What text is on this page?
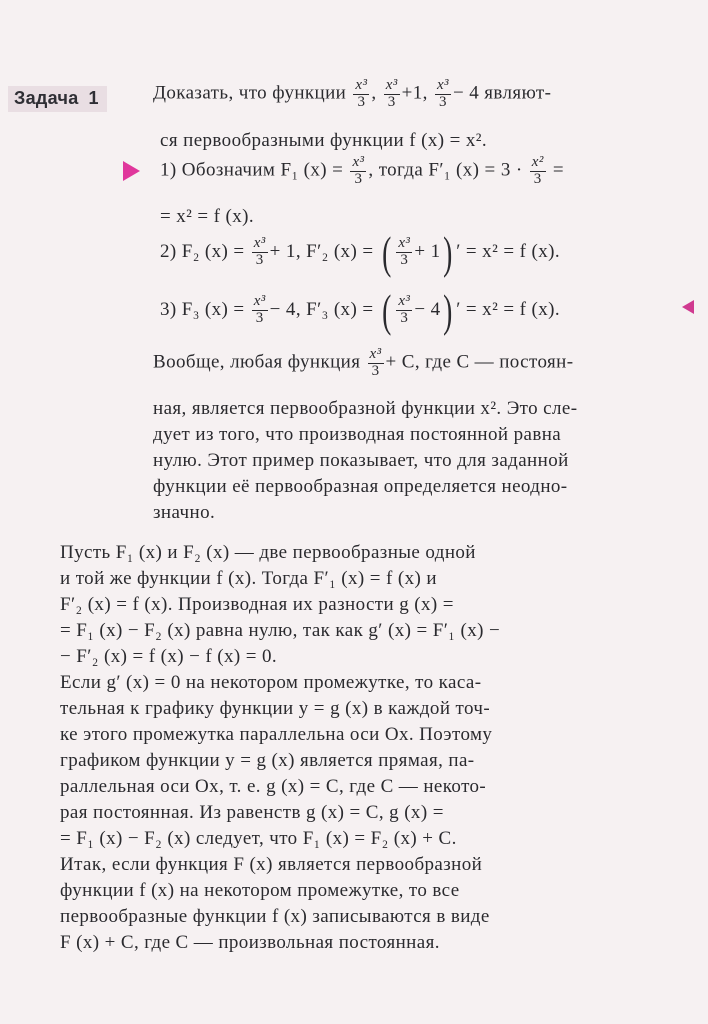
Задача 1	Доказать, что функции $\frac{\text{x³}}{3}$ , $\frac{\text{x³}}{3} +1$, $\frac{\text{x³}}{3} - 4$ являют-
ся первообразными функции f (x) = x².
1) Обозначим F₁ $(x) = \frac{\text{x³}}{3}$ , тогда F′₁ $(x) = 3 \cdot \frac{\text{x²}}{3}$ =
= x² = f (x).
2) F₂ $(x) = \frac{\text{x³}}{3} + 1$, F′₂ (x) = ( $\frac{\text{x³}}{3} + 1$) ′ = x² = f (x).
3) F₃ $(x) = \frac{\text{x³}}{3} - 4$, F′₃ (x) = ( $\frac{\text{x³}}{3} - 4$) ′ = x² = f (x).
Вообще, любая функция $\frac{\text{x³}}{3} + C$, где C — постоян-
ная, является первообразной функции x². Это сле-
дует из того, что производная постоянной равна
нулю. Этот пример показывает, что для заданной
функции её первообразная определяется неодно-
значно.
Пусть F₁ (x) и F₂ (x) — две первообразные одной
и той же функции f (x). Тогда F′₁ (x) = f (x) и
F′₂ (x) = f (x). Производная их разности g (x) =
= F₁ (x) − F₂ (x) равна нулю, так как g′ (x) = F′₁ (x) −
− F′₂ (x) = f (x) − f (x) = 0.
Если g′ (x) = 0 на некотором промежутке, то каса-
тельная к графику функции y = g (x) в каждой точ-
ке этого промежутка параллельна оси Ox. Поэтому
графиком функции y = g (x) является прямая, па-
раллельная оси Ox, т. е. g (x) = C, где C — некото-
рая постоянная. Из равенств g (x) = C, g (x) =
= F₁ (x) − F₂ (x) следует, что F₁ (x) = F₂ (x) + C.
Итак, если функция F (x) является первообразной
функции f (x) на некотором промежутке, то все
первообразные функции f (x) записываются в виде
F (x) + C, где C — произвольная постоянная.
